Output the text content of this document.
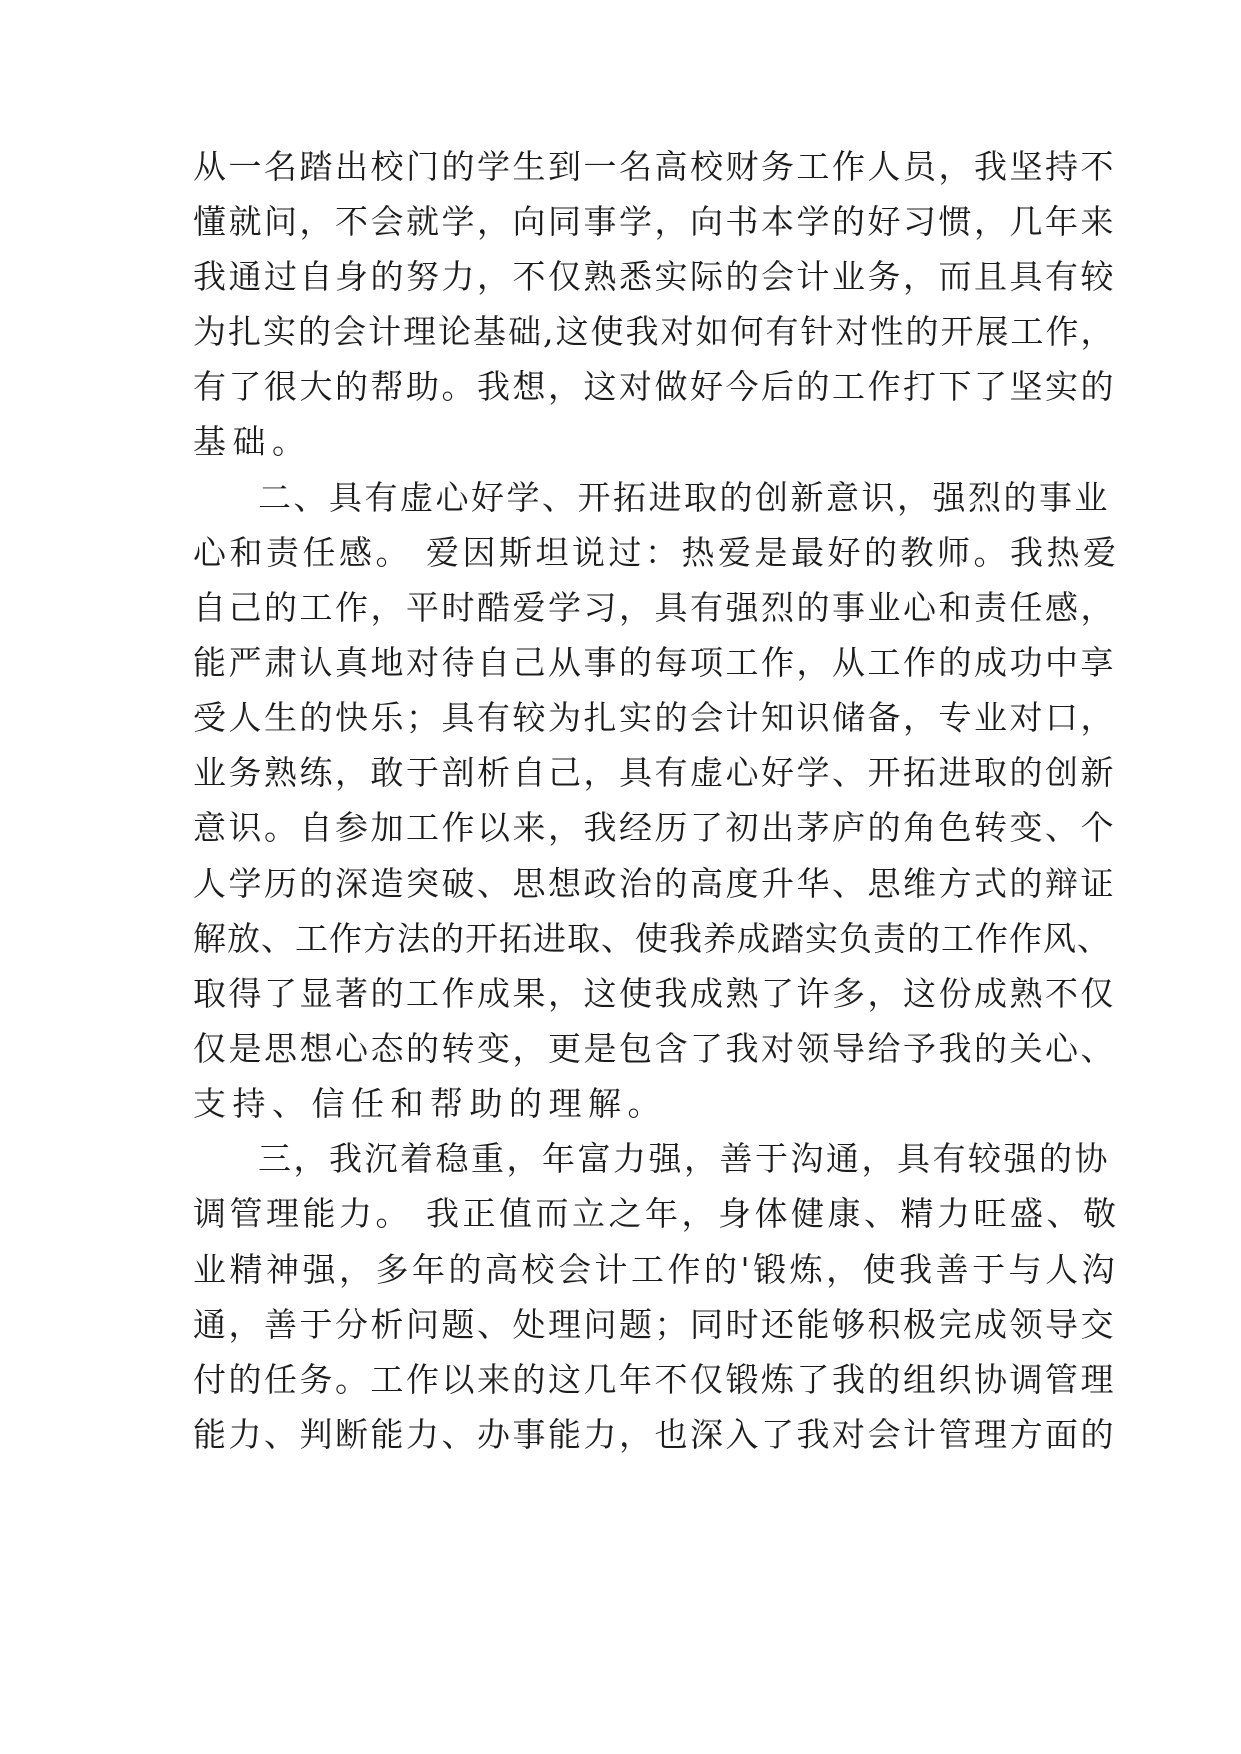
从一名踏出校门的学生到一名高校财务工作人员，我坚持不
懂就问，不会就学，向同事学，向书本学的好习惯，几年来
我通过自身的努力，不仅熟悉实际的会计业务，而且具有较
为扎实的会计理论基础,这使我对如何有针对性的开展工作，
有了很大的帮助。我想，这对做好今后的工作打下了坚实的
基础。
二、具有虚心好学、开拓进取的创新意识，强烈的事业
心和责任感。 爱因斯坦说过：热爱是最好的教师。我热爱
自己的工作，平时酷爱学习，具有强烈的事业心和责任感，
能严肃认真地对待自己从事的每项工作，从工作的成功中享
受人生的快乐；具有较为扎实的会计知识储备，专业对口，
业务熟练，敢于剖析自己，具有虚心好学、开拓进取的创新
意识。自参加工作以来，我经历了初出茅庐的角色转变、个
人学历的深造突破、思想政治的高度升华、思维方式的辩证
解放、工作方法的开拓进取、使我养成踏实负责的工作作风、
取得了显著的工作成果，这使我成熟了许多，这份成熟不仅
仅是思想心态的转变，更是包含了我对领导给予我的关心、
支持、信任和帮助的理解。
三，我沉着稳重，年富力强，善于沟通，具有较强的协
调管理能力。 我正值而立之年，身体健康、精力旺盛、敬
业精神强，多年的高校会计工作的'锻炼，使我善于与人沟
通，善于分析问题、处理问题；同时还能够积极完成领导交
付的任务。工作以来的这几年不仅锻炼了我的组织协调管理
能力、判断能力、办事能力，也深入了我对会计管理方面的
